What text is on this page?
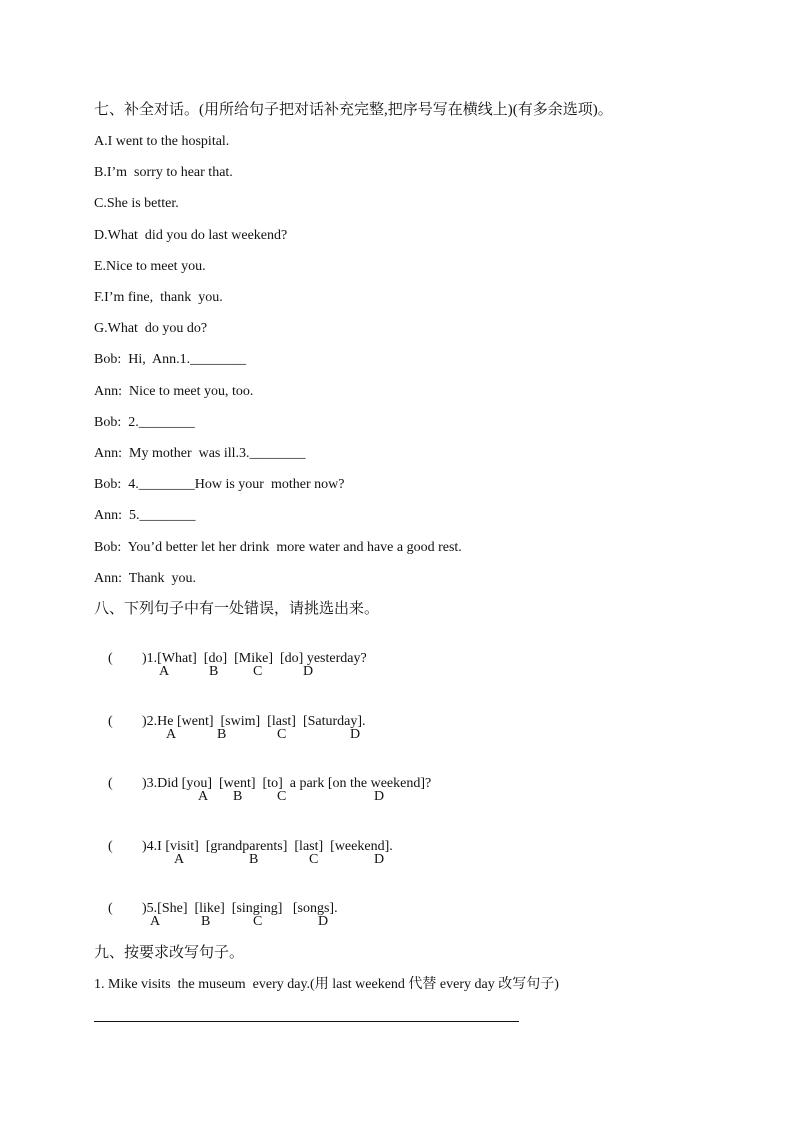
七、补全对话。(用所给句子把对话补充完整,把序号写在横线上)(有多余选项)。
A.I went to the hospital.
B.I’m  sorry to hear that.
C.She is better.
D.What  did you do last weekend?
E.Nice to meet you.
F.I’m fine,  thank  you.
G.What  do you do?
Bob:  Hi,  Ann.1.________
Ann:  Nice to meet you, too.
Bob:  2.________
Ann:  My mother  was ill.3.________
Bob:  4.________How is your  mother now?
Ann:  5.________
Bob:  You’d better let her drink  more water and have a good rest.
Ann:  Thank  you.
八、下列句子中有一处错误，请挑选出来。

( )1.[What]  [do]  [Mike]  [do] yesterday?

A	B C	D

( )2.He [went]  [swim]  [last]  [Saturday].

A	B	C	D

( )3.Did [you]  [went]  [to]  a park [on the weekend]?

A B C	D

( )4.I [visit]  [grandparents]  [last]  [weekend].

A	B	C	D

( )5.[She]  [like]  [singing]   [songs].

A	B	C	D
九、按要求改写句子。
1. Mike visits  the museum  every day.(用 last weekend 代替 every day 改写句子)
